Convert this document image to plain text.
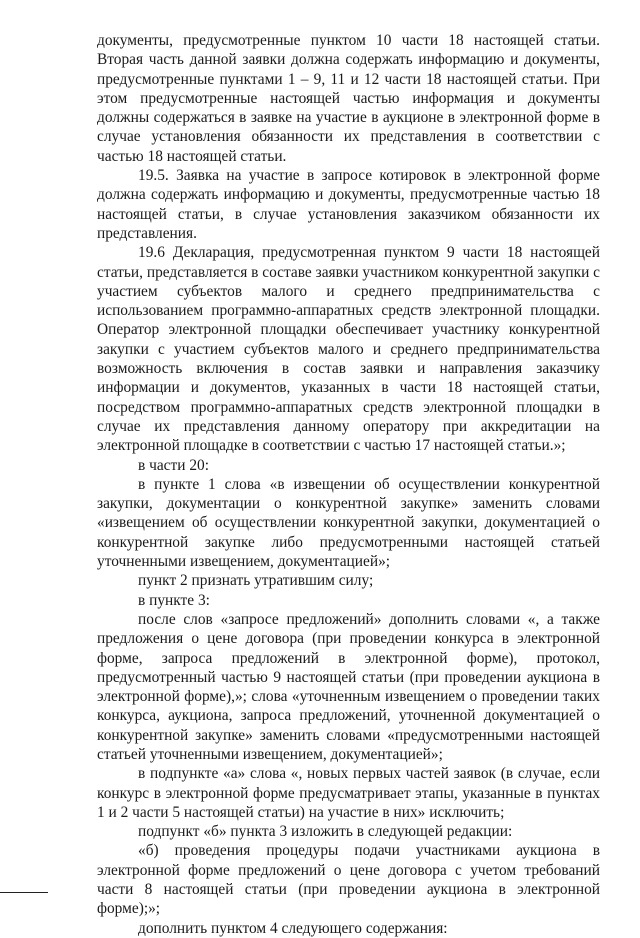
документы, предусмотренные пунктом 10 части 18 настоящей статьи. Вторая часть данной заявки должна содержать информацию и документы, предусмотренные пунктами 1 – 9, 11 и 12 части 18 настоящей статьи. При этом предусмотренные настоящей частью информация и документы должны содержаться в заявке на участие в аукционе в электронной форме в случае установления обязанности их представления в соответствии с частью 18 настоящей статьи.

19.5. Заявка на участие в запросе котировок в электронной форме должна содержать информацию и документы, предусмотренные частью 18 настоящей статьи, в случае установления заказчиком обязанности их представления.

19.6 Декларация, предусмотренная пунктом 9 части 18 настоящей статьи, представляется в составе заявки участником конкурентной закупки с участием субъектов малого и среднего предпринимательства с использованием программно-аппаратных средств электронной площадки. Оператор электронной площадки обеспечивает участнику конкурентной закупки с участием субъектов малого и среднего предпринимательства возможность включения в состав заявки и направления заказчику информации и документов, указанных в части 18 настоящей статьи, посредством программно-аппаратных средств электронной площадки в случае их представления данному оператору при аккредитации на электронной площадке в соответствии с частью 17 настоящей статьи.»;

в части 20:

в пункте 1 слова «в извещении об осуществлении конкурентной закупки, документации о конкурентной закупке» заменить словами «извещением об осуществлении конкурентной закупки, документацией о конкурентной закупке либо предусмотренными настоящей статьей уточненными извещением, документацией»;

пункт 2 признать утратившим силу;

в пункте 3:

после слов «запросе предложений» дополнить словами «, а также предложения о цене договора (при проведении конкурса в электронной форме, запроса предложений в электронной форме), протокол, предусмотренный частью 9 настоящей статьи (при проведении аукциона в электронной форме),»; слова «уточненным извещением о проведении таких конкурса, аукциона, запроса предложений, уточненной документацией о конкурентной закупке» заменить словами «предусмотренными настоящей статьей уточненными извещением, документацией»;

в подпункте «а» слова «, новых первых частей заявок (в случае, если конкурс в электронной форме предусматривает этапы, указанные в пунктах 1 и 2 части 5 настоящей статьи) на участие в них» исключить;

подпункт «б» пункта 3 изложить в следующей редакции:

«б) проведения процедуры подачи участниками аукциона в электронной форме предложений о цене договора с учетом требований части 8 настоящей статьи (при проведении аукциона в электронной форме);»;

дополнить пунктом 4 следующего содержания:
